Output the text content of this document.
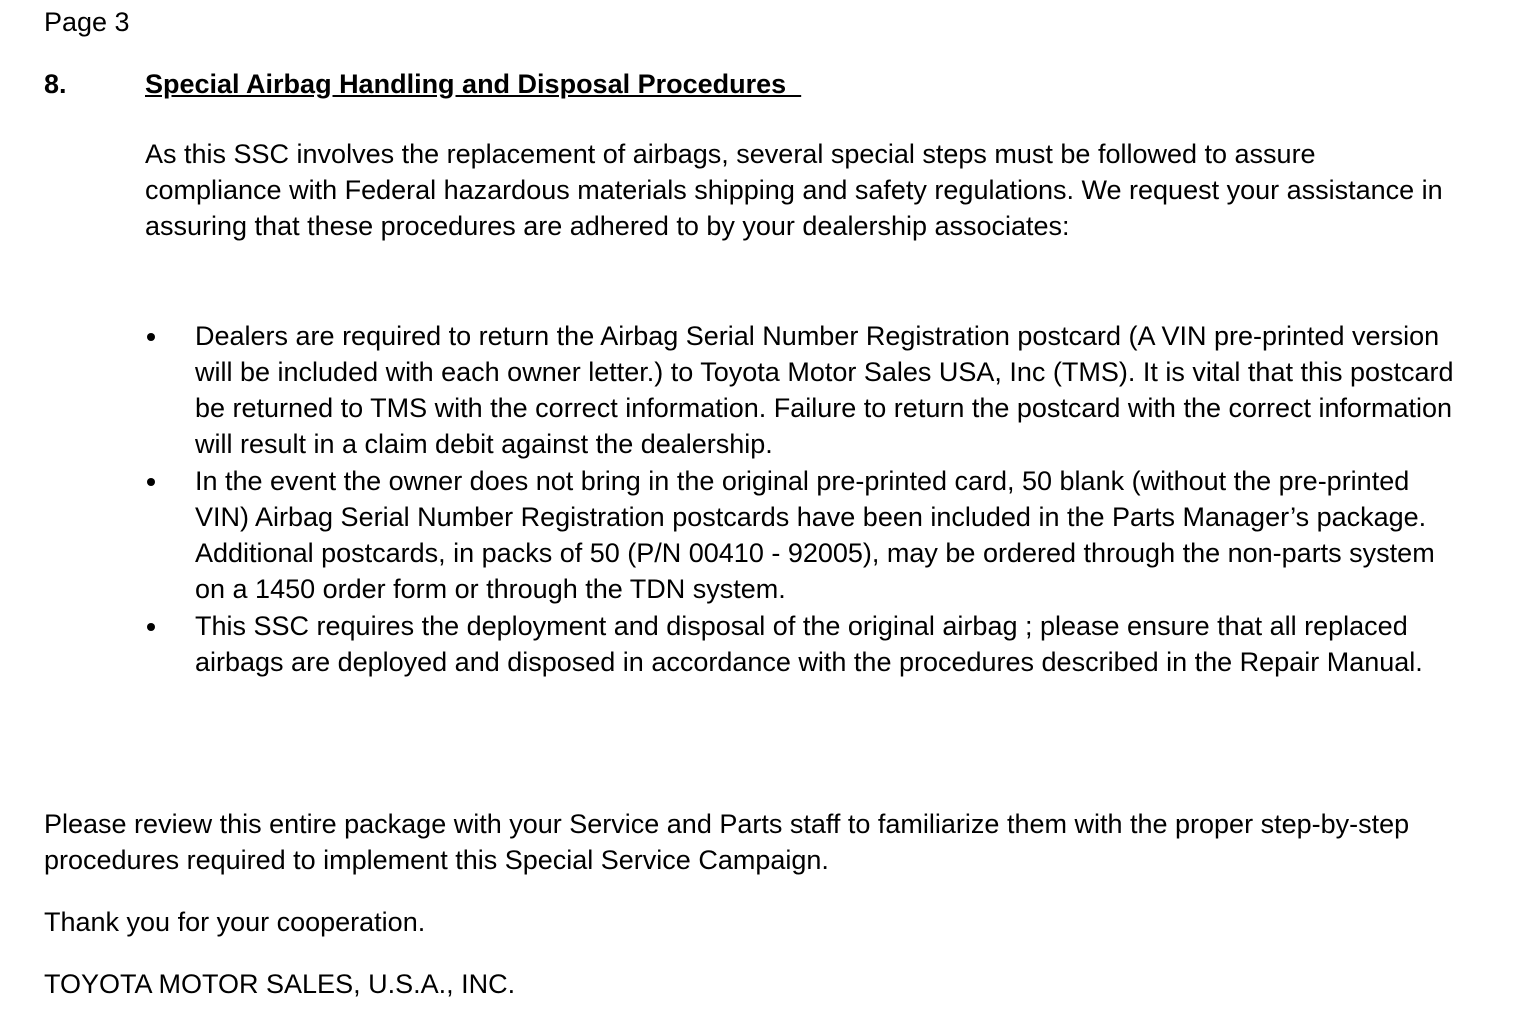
Page 3
8.	Special Airbag Handling and Disposal Procedures

As this SSC involves the replacement of airbags, several special steps must be followed to assure compliance with Federal hazardous materials shipping and safety regulations. We request your assistance in assuring that these procedures are adhered to by your dealership associates:

Dealers are required to return the Airbag Serial Number Registration postcard (A VIN pre-printed version will be included with each owner letter.) to Toyota Motor Sales USA, Inc (TMS). It is vital that this postcard be returned to TMS with the correct information. Failure to return the postcard with the correct information will result in a claim debit against the dealership.
In the event the owner does not bring in the original pre-printed card, 50 blank (without the pre-printed VIN) Airbag Serial Number Registration postcards have been included in the Parts Manager’s package. Additional postcards, in packs of 50 (P/N 00410 - 92005), may be ordered through the non-parts system on a 1450 order form or through the TDN system.
This SSC requires the deployment and disposal of the original airbag ; please ensure that all replaced airbags are deployed and disposed in accordance with the procedures described in the Repair Manual.

Please review this entire package with your Service and Parts staff to familiarize them with the proper step-by-step procedures required to implement this Special Service Campaign.

Thank you for your cooperation.

TOYOTA MOTOR SALES, U.S.A., INC.
